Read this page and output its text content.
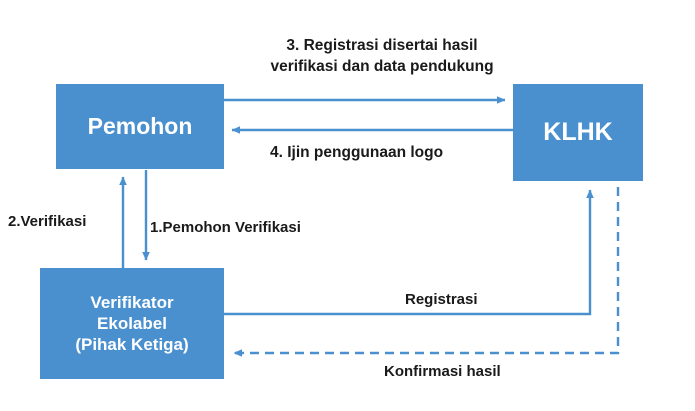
Pemohon	KLHK
Verifikator
Ekolabel
(Pihak Ketiga)
3. Registrasi disertai hasil
verifikasi dan data pendukung
4. Ijin penggunaan logo
2.Verifikasi	1.Pemohon Verifikasi
Registrasi
Konfirmasi hasil
